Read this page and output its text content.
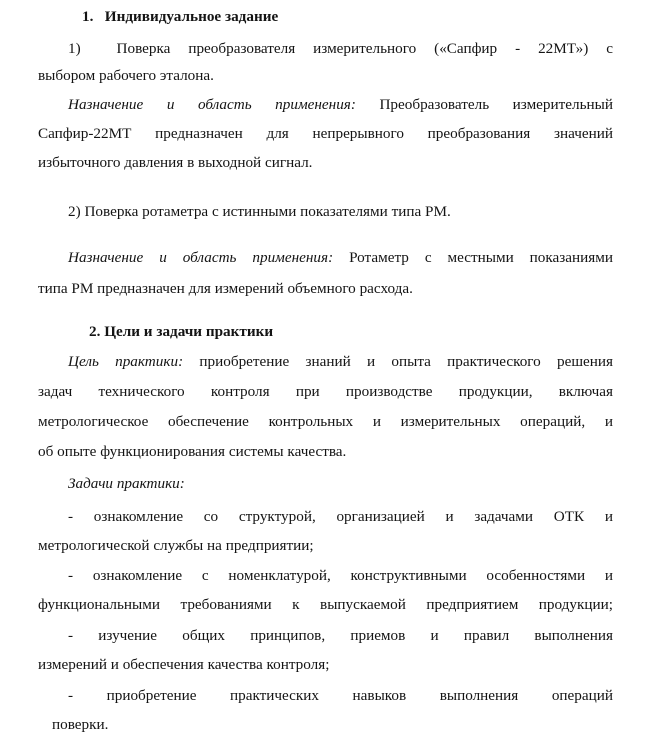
1.   Индивидуальное задание
1)  Поверка преобразователя измерительного («Сапфир - 22МТ») с
выбором рабочего эталона.
Назначение и область применения: Преобразователь измерительный
Сапфир-22МТ предназначен для непрерывного преобразования значений
избыточного давления в выходной сигнал.
2) Поверка ротаметра с истинными показателями типа РМ.
Назначение и область применения: Ротаметр с местными показаниями
типа РМ предназначен для измерений объемного расхода.
2. Цели и задачи практики
Цель практики: приобретение знаний и опыта практического решения
задач технического контроля при производстве продукции, включая
метрологическое обеспечение контрольных и измерительных операций, и
об опыте функционирования системы качества.
Задачи практики:
- ознакомление со структурой, организацией и задачами ОТК и
метрологической службы на предприятии;
- ознакомление с номенклатурой, конструктивными особенностями и
функциональными требованиями к выпускаемой предприятием продукции;
- изучение общих принципов, приемов и правил выполнения
измерений и обеспечения качества контроля;
- приобретение практических навыков выполнения операций
поверки.
